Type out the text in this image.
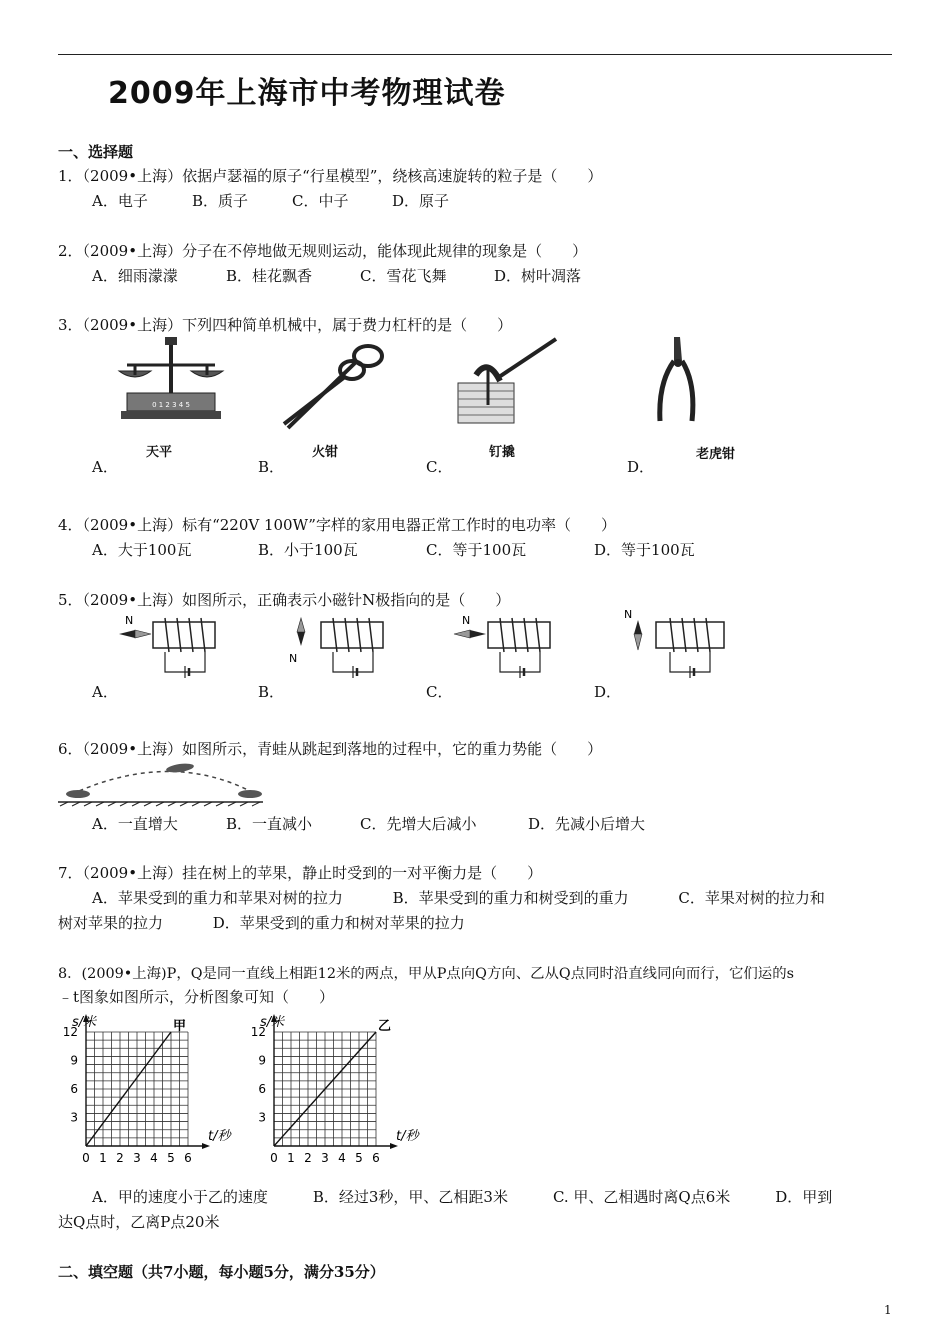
2009年上海市中考物理试卷
一、选择题
1．（2009•上海）依据卢瑟福的原子“行星模型”，绕核高速旋转的粒子是（　　）
A．电子	B．质子	C．中子	D．原子
2．（2009•上海）分子在不停地做无规则运动，能体现此规律的现象是（　　）
A．细雨濛濛	B．桂花飘香	C．雪花飞舞	D．树叶凋落
3．（2009•上海）下列四种简单机械中，属于费力杠杆的是（　　）
0 1 2 3 4 5
天平	火钳	钉撬	老虎钳
A．	B．	C．	D．
4．（2009•上海）标有“220V 100W”字样的家用电器正常工作时的电功率（　　）
A．大于100瓦	B．小于100瓦	C．等于100瓦	D．等于100瓦
5．（2009•上海）如图所示，正确表示小磁针N极指向的是（　　）
N
N
N	N
A．	B．	C．	D．
6．（2009•上海）如图所示，青蛙从跳起到落地的过程中，它的重力势能（　　）
A．一直增大	B．一直减小	C．先增大后减小	D．先减小后增大
7．（2009•上海）挂在树上的苹果，静止时受到的一对平衡力是（　　）
A．苹果受到的重力和苹果对树的拉力　　　 B．苹果受到的重力和树受到的重力　　　 C．苹果对树的拉力和
树对苹果的拉力　　　 D．苹果受到的重力和树对苹果的拉力
8．(2009•上海)P，Q是同一直线上相距12米的两点，甲从P点向Q方向、乙从Q点同时沿直线同向而行，它们运的s
﹣t图象如图所示，分析图象可知（　　）
s/米
t/秒
0 1 2 3 4 5 6
3
6
9
12	甲	s/米
t/秒
0 1 2 3 4 5 6
3
6
9
12	乙
A．甲的速度小于乙的速度　　　B．经过3秒，甲、乙相距3米　　　C. 甲、乙相遇时离Q点6米　　　D．甲到
达Q点时，乙离P点20米
二、填空题（共7小题，每小题5分，满分35分）
1
